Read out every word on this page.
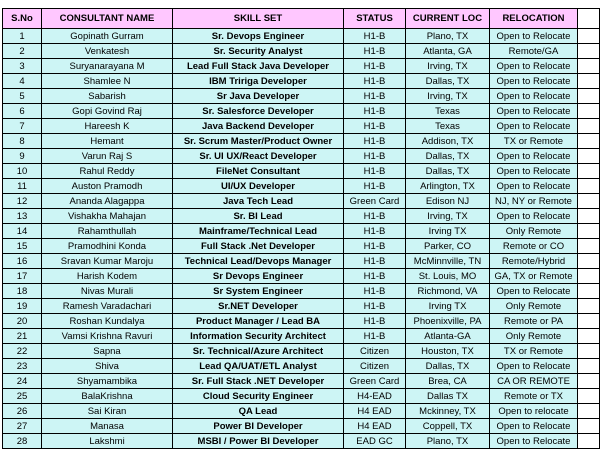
S.No	CONSULTANT NAME	SKILL SET	STATUS	CURRENT LOC	RELOCATION	
1	Gopinath Gurram	Sr. Devops Engineer	H1-B	Plano, TX	Open to Relocate	
2	Venkatesh	Sr. Security Analyst	H1-B	Atlanta, GA	Remote/GA	
3	Suryanarayana M	Lead Full Stack Java Developer	H1-B	Irving, TX	Open to Relocate	
4	Shamlee N	IBM Tririga Developer	H1-B	Dallas, TX	Open to Relocate	
5	Sabarish	Sr Java Developer	H1-B	Irving, TX	Open to Relocate	
6	Gopi Govind Raj	Sr. Salesforce Developer	H1-B	Texas	Open to Relocate	
7	Hareesh K	Java Backend Developer	H1-B	Texas	Open to Relocate	
8	Hemant	Sr. Scrum Master/Product Owner	H1-B	Addison, TX	TX or Remote	
9	Varun Raj S	Sr. UI UX/React Developer	H1-B	Dallas, TX	Open to Relocate	
10	Rahul Reddy	FileNet Consultant	H1-B	Dallas, TX	Open to Relocate	
11	Auston Pramodh	UI/UX Developer	H1-B	Arlington, TX	Open to Relocate	
12	Ananda Alagappa	Java Tech Lead	Green Card	Edison NJ	NJ, NY or Remote	
13	Vishakha Mahajan	Sr. BI Lead	H1-B	Irving, TX	Open to Relocate	
14	Rahamthullah	Mainframe/Technical Lead	H1-B	Irving TX	Only Remote	
15	Pramodhini Konda	Full Stack .Net Developer	H1-B	Parker, CO	Remote or CO	
16	Sravan Kumar Maroju	Technical Lead/Devops Manager	H1-B	McMinnville, TN	Remote/Hybrid	
17	Harish Kodem	Sr Devops Engineer	H1-B	St. Louis, MO	GA, TX or Remote	
18	Nivas Murali	Sr System Engineer	H1-B	Richmond, VA	Open to Relocate	
19	Ramesh Varadachari	Sr.NET Developer	H1-B	Irving TX	Only Remote	
20	Roshan Kundalya	Product Manager / Lead BA	H1-B	Phoenixville, PA	Remote or PA	
21	Vamsi Krishna Ravuri	Information Security Architect	H1-B	Atlanta-GA	Only Remote	
22	Sapna	Sr. Technical/Azure Architect	Citizen	Houston, TX	TX or Remote	
23	Shiva	Lead QA/UAT/ETL Analyst	Citizen	Dallas, TX	Open to Relocate	
24	Shyamambika	Sr. Full Stack .NET Developer	Green Card	Brea, CA	CA OR REMOTE	
25	BalaKrishna	Cloud Security Engineer	H4-EAD	Dallas TX	Remote or TX	
26	Sai Kiran	QA Lead	H4 EAD	Mckinney, TX	Open to relocate	
27	Manasa	Power BI Developer	H4 EAD	Coppell, TX	Open to Relocate	
28	Lakshmi	MSBI / Power BI Developer	EAD GC	Plano, TX	Open to Relocate	
